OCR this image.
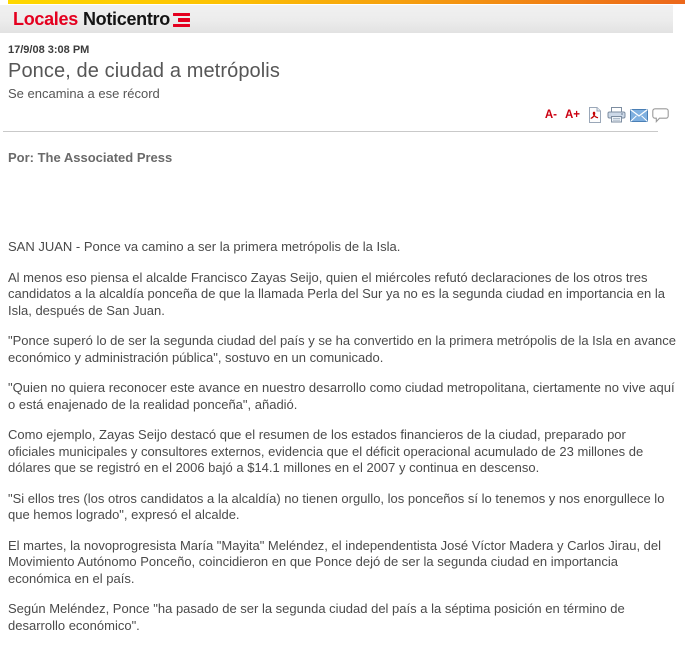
Locales Noticentro
17/9/08 3:08 PM
Ponce, de ciudad a metrópolis
Se encamina a ese récord
A- A+
Por: The Associated Press

SAN JUAN - Ponce va camino a ser la primera metrópolis de la Isla.

Al menos eso piensa el alcalde Francisco Zayas Seijo, quien el miércoles refutó declaraciones de los otros tres candidatos a la alcaldía ponceña de que la llamada Perla del Sur ya no es la segunda ciudad en importancia en la Isla, después de San Juan.

"Ponce superó lo de ser la segunda ciudad del país y se ha convertido en la primera metrópolis de la Isla en avance económico y administración pública", sostuvo en un comunicado.

"Quien no quiera reconocer este avance en nuestro desarrollo como ciudad metropolitana, ciertamente no vive aquí o está enajenado de la realidad ponceña", añadió.

Como ejemplo, Zayas Seijo destacó que el resumen de los estados financieros de la ciudad, preparado por oficiales municipales y consultores externos, evidencia que el déficit operacional acumulado de 23 millones de dólares que se registró en el 2006 bajó a $14.1 millones en el 2007 y continua en descenso.

"Si ellos tres (los otros candidatos a la alcaldía) no tienen orgullo, los ponceños sí lo tenemos y nos enorgullece lo que hemos logrado", expresó el alcalde.

El martes, la novoprogresista María "Mayita" Meléndez, el independentista José Víctor Madera y Carlos Jirau, del Movimiento Autónomo Ponceño, coincidieron en que Ponce dejó de ser la segunda ciudad en importancia económica en el país.

Según Meléndez, Ponce "ha pasado de ser la segunda ciudad del país a la séptima posición en término de desarrollo económico".
